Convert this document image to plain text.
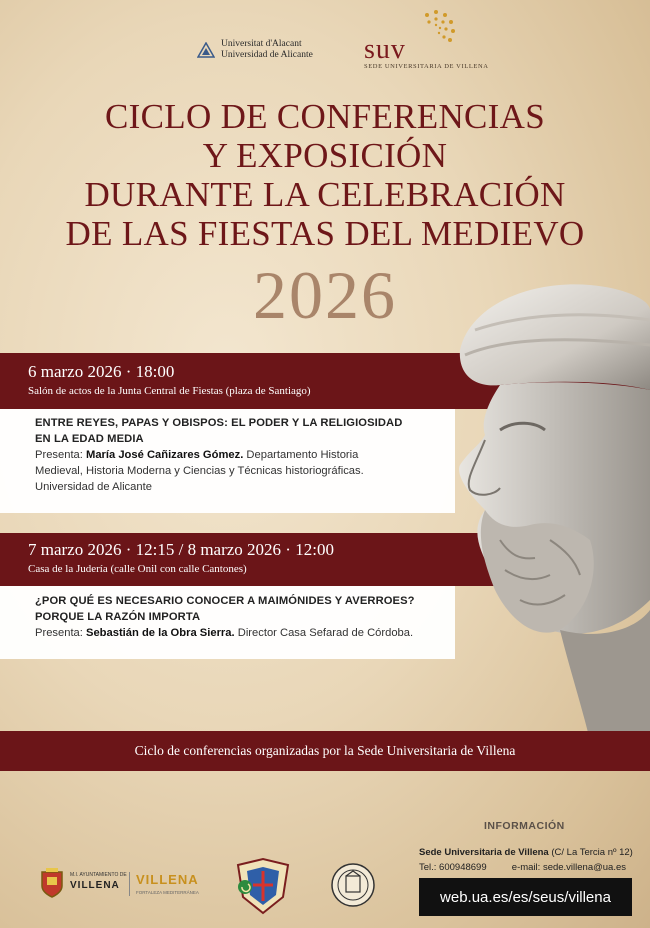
Universitat d'Alacant
Universidad de Alicante suv
SEDE UNIVERSITARIA DE VILLENA
CICLO DE CONFERENCIAS
Y EXPOSICIÓN
DURANTE LA CELEBRACIÓN
DE LAS FIESTAS DEL MEDIEVO
2026
6 marzo 2026 · 18:00
Salón de actos de la Junta Central de Fiestas (plaza de Santiago)
ENTRE REYES, PAPAS Y OBISPOS: EL PODER Y LA RELIGIOSIDAD
EN LA EDAD MEDIA
Presenta: María José Cañizares Gómez. Departamento Historia
Medieval, Historia Moderna y Ciencias y Técnicas historiográficas.
Universidad de Alicante
7 marzo 2026 · 12:15 / 8 marzo 2026 · 12:00
Casa de la Judería (calle Onil con calle Cantones)
¿POR QUÉ ES NECESARIO CONOCER A MAIMÓNIDES Y AVERROES?
PORQUE LA RAZÓN IMPORTA
Presenta: Sebastián de la Obra Sierra. Director Casa Sefarad de Córdoba.
Ciclo de conferencias organizadas por la Sede Universitaria de Villena
INFORMACIÓN
Sede Universitaria de Villena (C/ La Tercia nº 12)
Tel.: 600948699	e-mail: sede.villena@ua.es
web.ua.es/es/seus/villena
M.I. AYUNTAMIENTO DE
VILLENA VILLENA
FORTALEZA MEDITERRÁNEA
